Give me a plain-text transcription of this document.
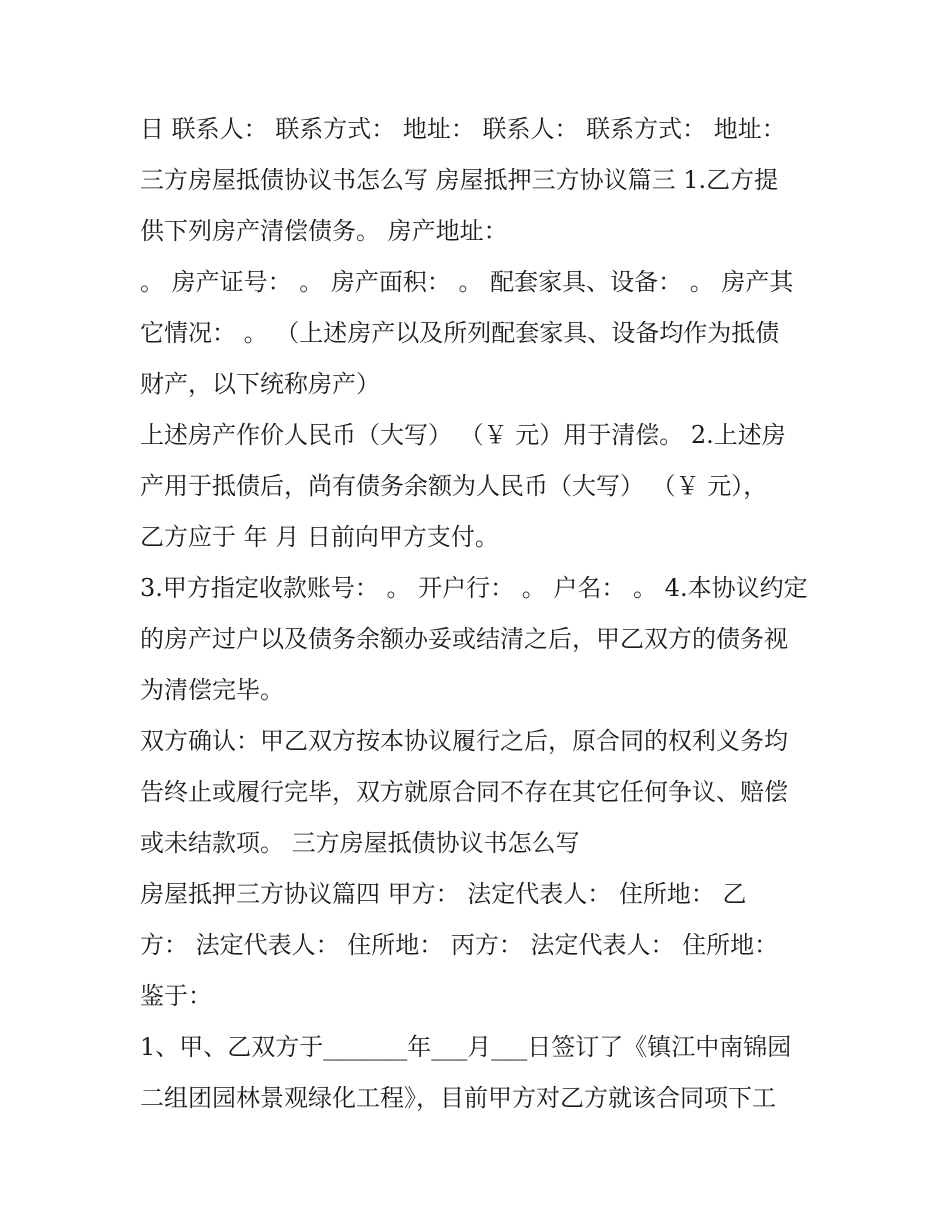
日 联系人： 联系方式： 地址： 联系人： 联系方式： 地址：
三方房屋抵债协议书怎么写 房屋抵押三方协议篇三 1.乙方提
供下列房产清偿债务。 房产地址：
。 房产证号： 。 房产面积： 。 配套家具、设备： 。 房产其
它情况： 。 （上述房产以及所列配套家具、设备均作为抵债
财产，以下统称房产）
上述房产作价人民币（大写） （￥ 元）用于清偿。 2.上述房
产用于抵债后，尚有债务余额为人民币（大写） （￥ 元），
乙方应于 年 月 日前向甲方支付。
3.甲方指定收款账号： 。 开户行： 。 户名： 。 4.本协议约定
的房产过户以及债务余额办妥或结清之后，甲乙双方的债务视
为清偿完毕。
双方确认：甲乙双方按本协议履行之后，原合同的权利义务均
告终止或履行完毕，双方就原合同不存在其它任何争议、赔偿
或未结款项。 三方房屋抵债协议书怎么写
房屋抵押三方协议篇四 甲方： 法定代表人： 住所地： 乙
方： 法定代表人： 住所地： 丙方： 法定代表人： 住所地：
鉴于：
1、甲、乙双方于_______年___月___日签订了《镇江中南锦园
二组团园林景观绿化工程》，目前甲方对乙方就该合同项下工
